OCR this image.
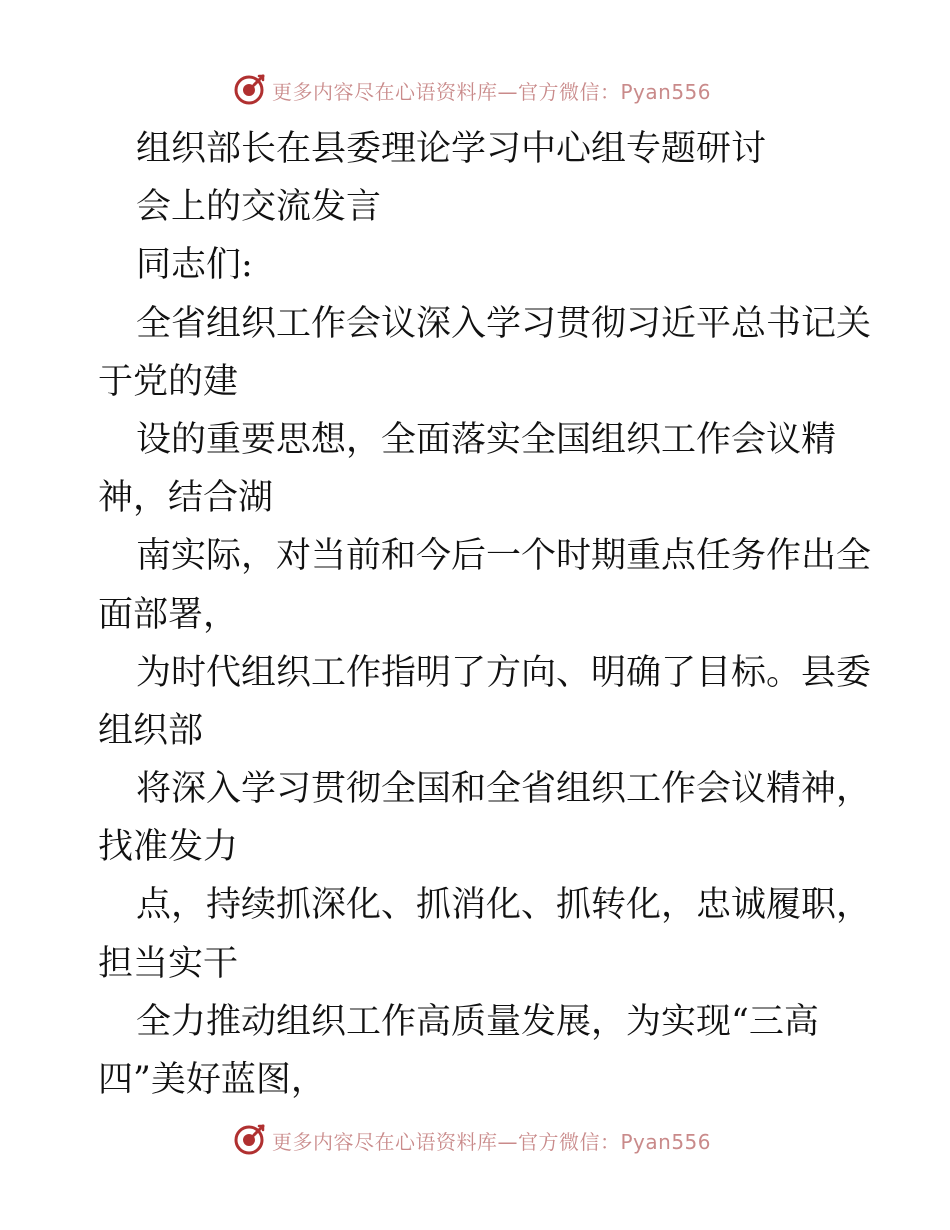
更多内容尽在心语资料库—官方微信：Pyan556
组织部长在县委理论学习中心组专题研讨
会上的交流发言
同志们:
全省组织工作会议深入学习贯彻习近平总书记关
于党的建
设的重要思想，全面落实全国组织工作会议精
神，结合湖
南实际，对当前和今后一个时期重点任务作出全
面部署，
为时代组织工作指明了方向、明确了目标。县委
组织部
将深入学习贯彻全国和全省组织工作会议精神，
找准发力
点，持续抓深化、抓消化、抓转化，忠诚履职，
担当实干
全力推动组织工作高质量发展，为实现“三高
四”美好蓝图，
更多内容尽在心语资料库—官方微信：Pyan556
